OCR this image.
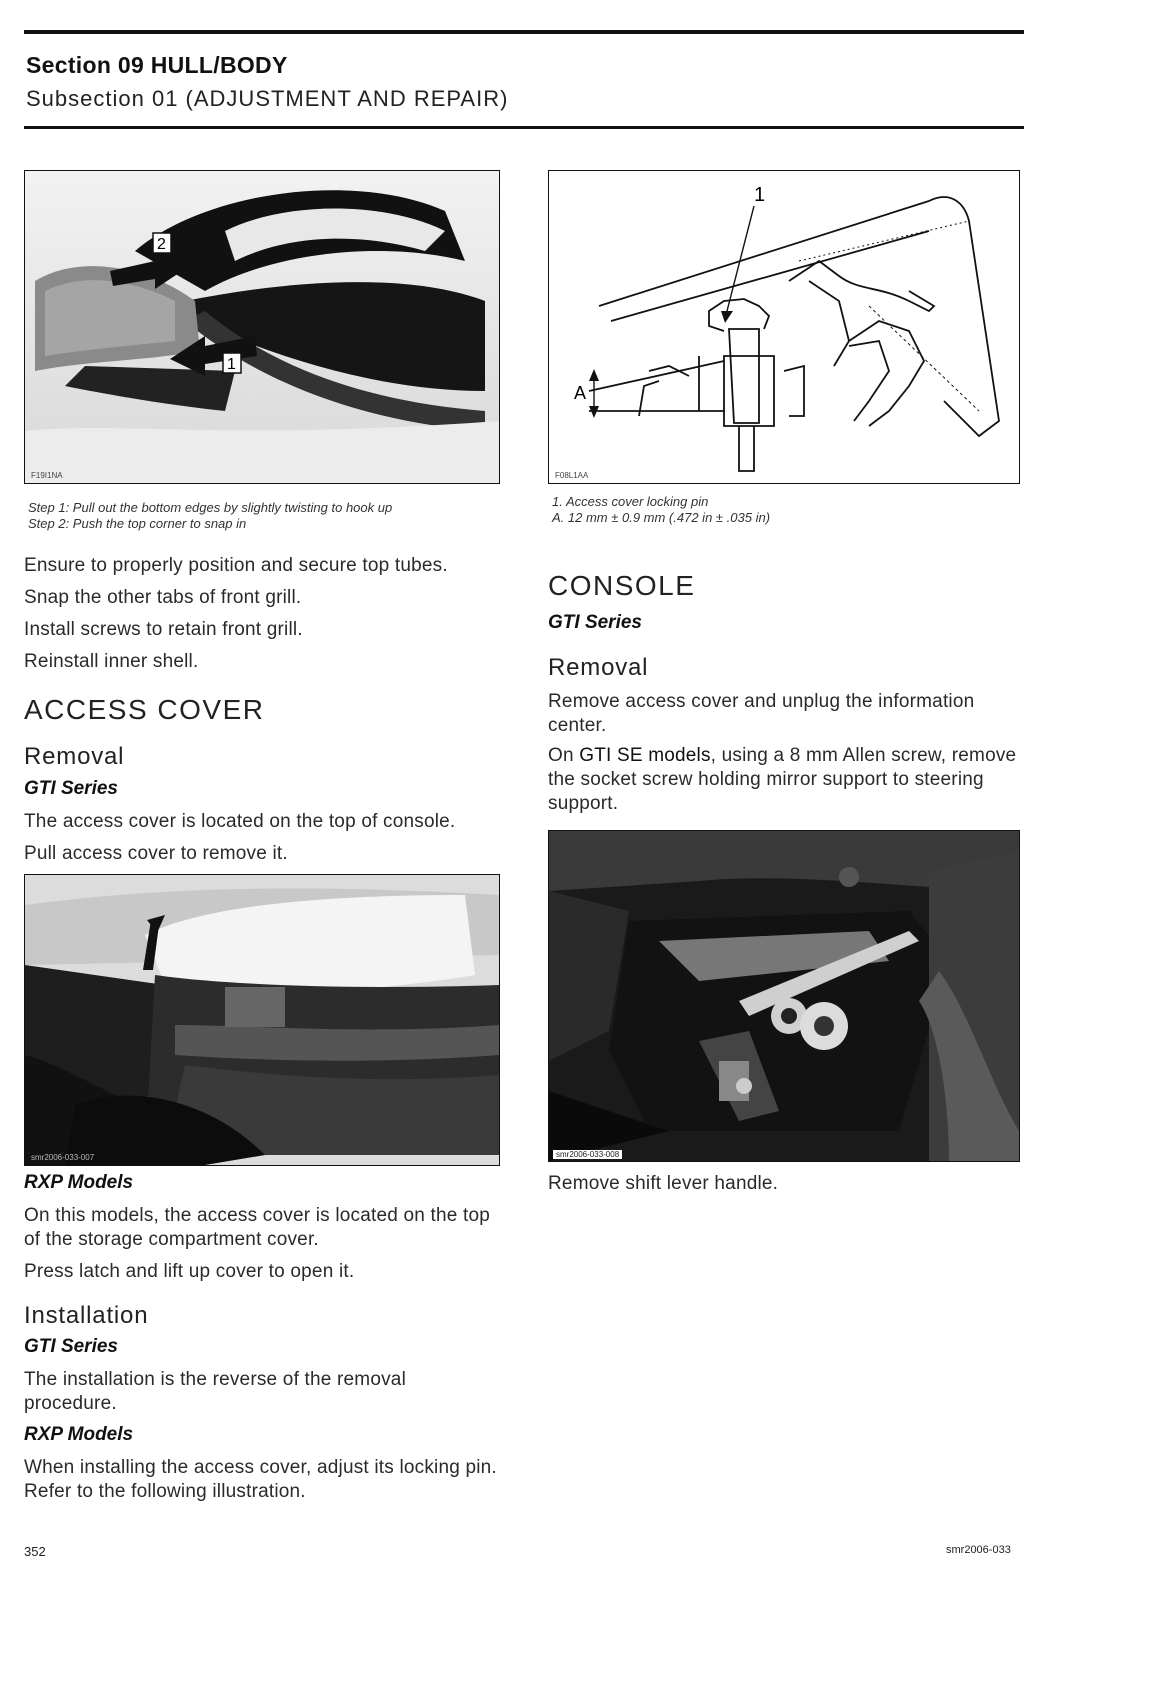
Section 09 HULL/BODY
Subsection 01 (ADJUSTMENT AND REPAIR)
2
1
F19I1NA
Step 1: Pull out the bottom edges by slightly twisting to hook up
Step 2: Push the top corner to snap in
1
A
F08L1AA
1. Access cover locking pin
A. 12 mm ± 0.9 mm (.472 in ± .035 in)
Ensure to properly position and secure top tubes.
Snap the other tabs of front grill.
Install screws to retain front grill.
Reinstall inner shell.
ACCESS COVER
Removal
GTI Series
The access cover is located on the top of console.
Pull access cover to remove it.
smr2006-033-007
RXP Models
On this models, the access cover is located on the top of the storage compartment cover.
Press latch and lift up cover to open it.
Installation
GTI Series
The installation is the reverse of the removal procedure.
RXP Models
When installing the access cover, adjust its locking pin. Refer to the following illustration.
CONSOLE
GTI Series
Removal
Remove access cover and unplug the information center.
On GTI SE models, using a 8 mm Allen screw, remove the socket screw holding mirror support to steering support.
smr2006-033-008
Remove shift lever handle.
352	smr2006-033
